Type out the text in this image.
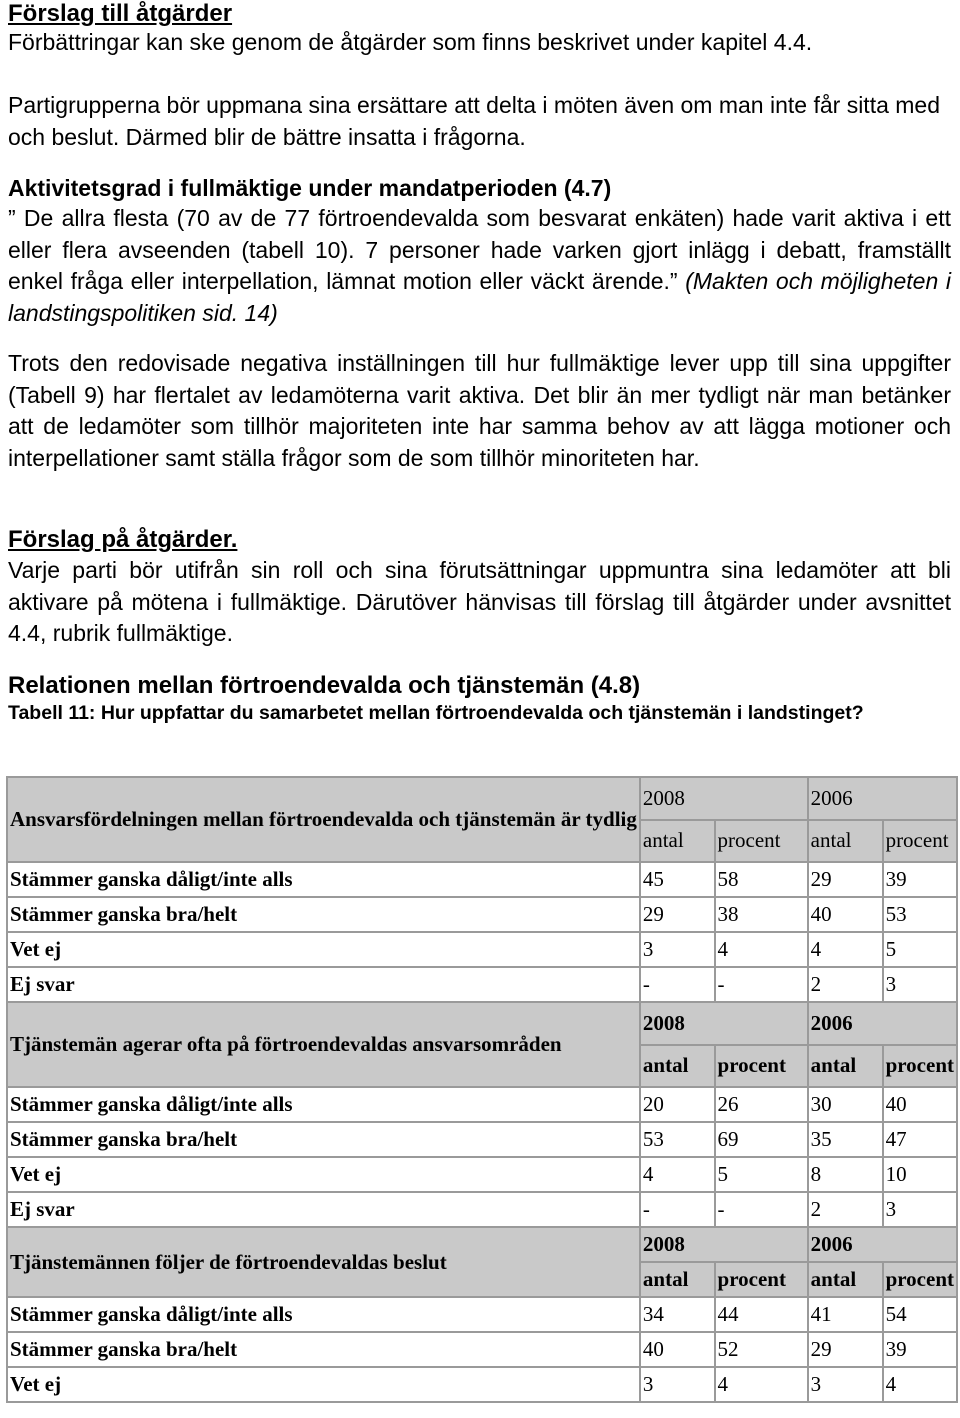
Förslag till åtgärder
Förbättringar kan ske genom de åtgärder som finns beskrivet under kapitel 4.4.
Partigrupperna bör uppmana sina ersättare att delta i möten även om man inte får sitta med och beslut. Därmed blir de bättre insatta i frågorna.
Aktivitetsgrad i fullmäktige under mandatperioden (4.7)
” De allra flesta (70 av de 77 förtroendevalda som besvarat enkäten) hade varit aktiva i ett eller flera avseenden (tabell 10). 7 personer hade varken gjort inlägg i debatt, framställt enkel fråga eller interpellation, lämnat motion eller väckt ärende.” (Makten och möjligheten i landstingspolitiken sid. 14)
Trots den redovisade negativa inställningen till hur fullmäktige lever upp till sina uppgifter (Tabell 9) har flertalet av ledamöterna varit aktiva. Det blir än mer tydligt när man betänker att de ledamöter som tillhör majoriteten inte har samma behov av att lägga motioner och interpellationer samt ställa frågor som de som tillhör minoriteten har.
Förslag på åtgärder.
Varje parti bör utifrån sin roll och sina förutsättningar uppmuntra sina ledamöter att bli aktivare på mötena i fullmäktige. Därutöver hänvisas till förslag till åtgärder under avsnittet 4.4, rubrik fullmäktige.
Relationen mellan förtroendevalda och tjänstemän (4.8)
Tabell 11: Hur uppfattar du samarbetet mellan förtroendevalda och tjänstemän i landstinget?
Ansvarsfördelningen mellan förtroendevalda och tjänstemän är tydlig	2008		2006	
	antal	procent	antal	procent
Stämmer ganska dåligt/inte alls	45	58	29	39
Stämmer ganska bra/helt	29	38	40	53
Vet ej	3	4	4	5
Ej svar	-	-	2	3
Tjänstemän agerar ofta på förtroendevaldas ansvarsområden	2008		2006	
	antal	procent	antal	procent
Stämmer ganska dåligt/inte alls	20	26	30	40
Stämmer ganska bra/helt	53	69	35	47
Vet ej	4	5	8	10
Ej svar	-	-	2	3
Tjänstemännen följer de förtroendevaldas beslut	2008		2006	
	antal	procent	antal	procent
Stämmer ganska dåligt/inte alls	34	44	41	54
Stämmer ganska bra/helt	40	52	29	39
Vet ej	3	4	3	4
